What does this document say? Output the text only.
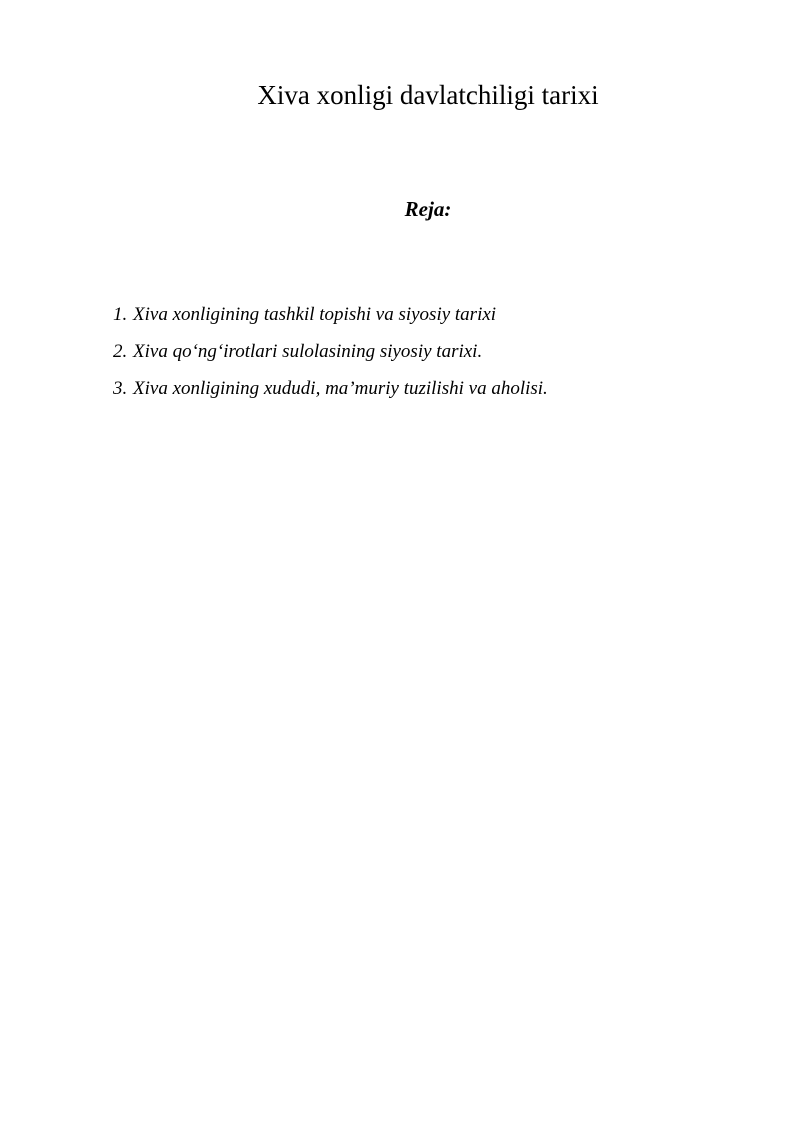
Xiva xonligi davlatchiligi tarixi
Reja:
1. Xiva xonligining tashkil topishi va siyosiy tarixi
2. Xiva qo‘ng‘irotlari sulolasining siyosiy tarixi.
3. Xiva xonligining xududi, ma’muriy tuzilishi va aholisi.
